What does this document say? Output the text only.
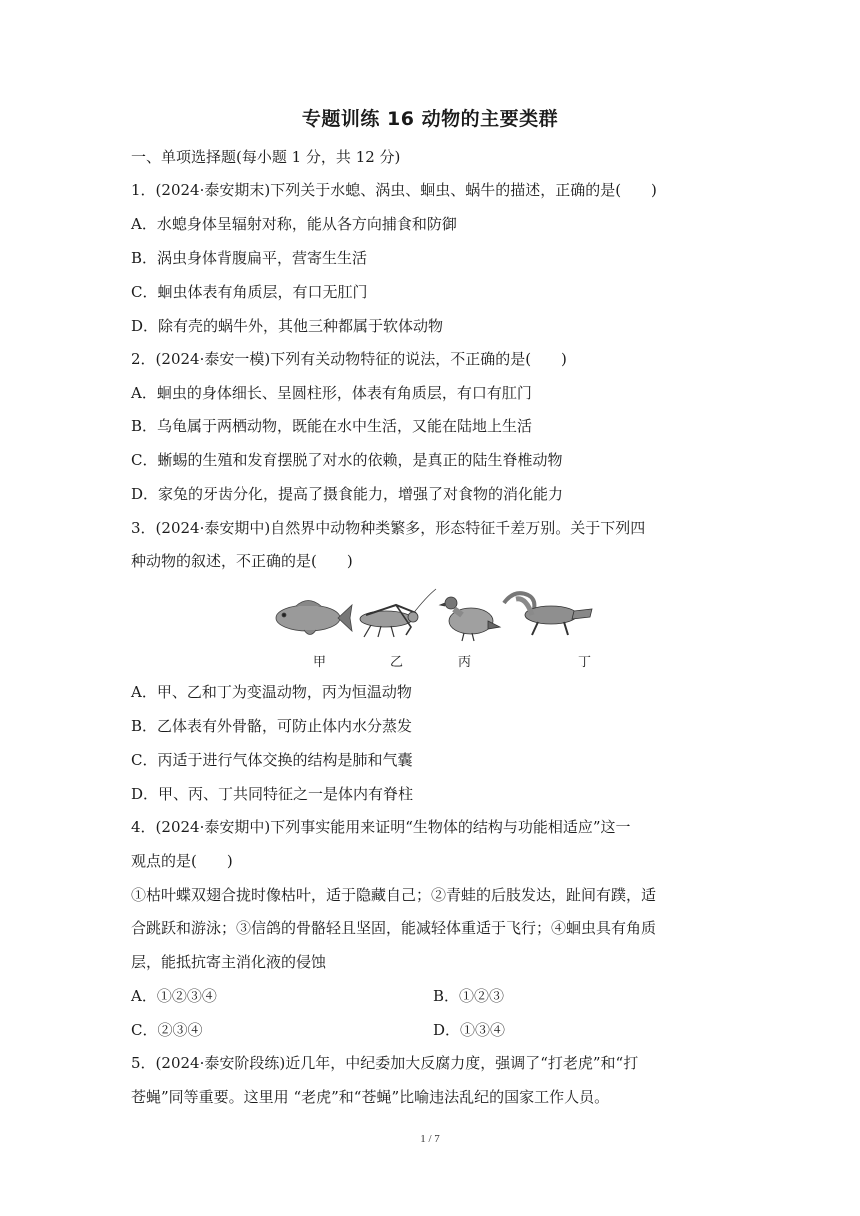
专题训练 16 动物的主要类群
一、单项选择题(每小题 1 分，共 12 分)
1．(2024·泰安期末)下列关于水螅、涡虫、蛔虫、蜗牛的描述，正确的是(　　)
A．水螅身体呈辐射对称，能从各方向捕食和防御
B．涡虫身体背腹扁平，营寄生生活
C．蛔虫体表有角质层，有口无肛门
D．除有壳的蜗牛外，其他三种都属于软体动物
2．(2024·泰安一模)下列有关动物特征的说法，不正确的是(　　)
A．蛔虫的身体细长、呈圆柱形，体表有角质层，有口有肛门
B．乌龟属于两栖动物，既能在水中生活，又能在陆地上生活
C．蜥蜴的生殖和发育摆脱了对水的依赖，是真正的陆生脊椎动物
D．家兔的牙齿分化，提高了摄食能力，增强了对食物的消化能力
3．(2024·泰安期中)自然界中动物种类繁多，形态特征千差万别。关于下列四
种动物的叙述，不正确的是(　　)
甲	乙	丙	丁
A．甲、乙和丁为变温动物，丙为恒温动物
B．乙体表有外骨骼，可防止体内水分蒸发
C．丙适于进行气体交换的结构是肺和气囊
D．甲、丙、丁共同特征之一是体内有脊柱
4．(2024·泰安期中)下列事实能用来证明“生物体的结构与功能相适应”这一
观点的是(　　)
①枯叶蝶双翅合拢时像枯叶，适于隐藏自己；②青蛙的后肢发达，趾间有蹼，适
合跳跃和游泳；③信鸽的骨骼轻且坚固，能减轻体重适于飞行；④蛔虫具有角质
层，能抵抗寄主消化液的侵蚀
A．①②③④	B．①②③
C．②③④	D．①③④
5．(2024·泰安阶段练)近几年，中纪委加大反腐力度，强调了“打老虎”和“打
苍蝇”同等重要。这里用 “老虎”和“苍蝇”比喻违法乱纪的国家工作人员。
1 / 7
